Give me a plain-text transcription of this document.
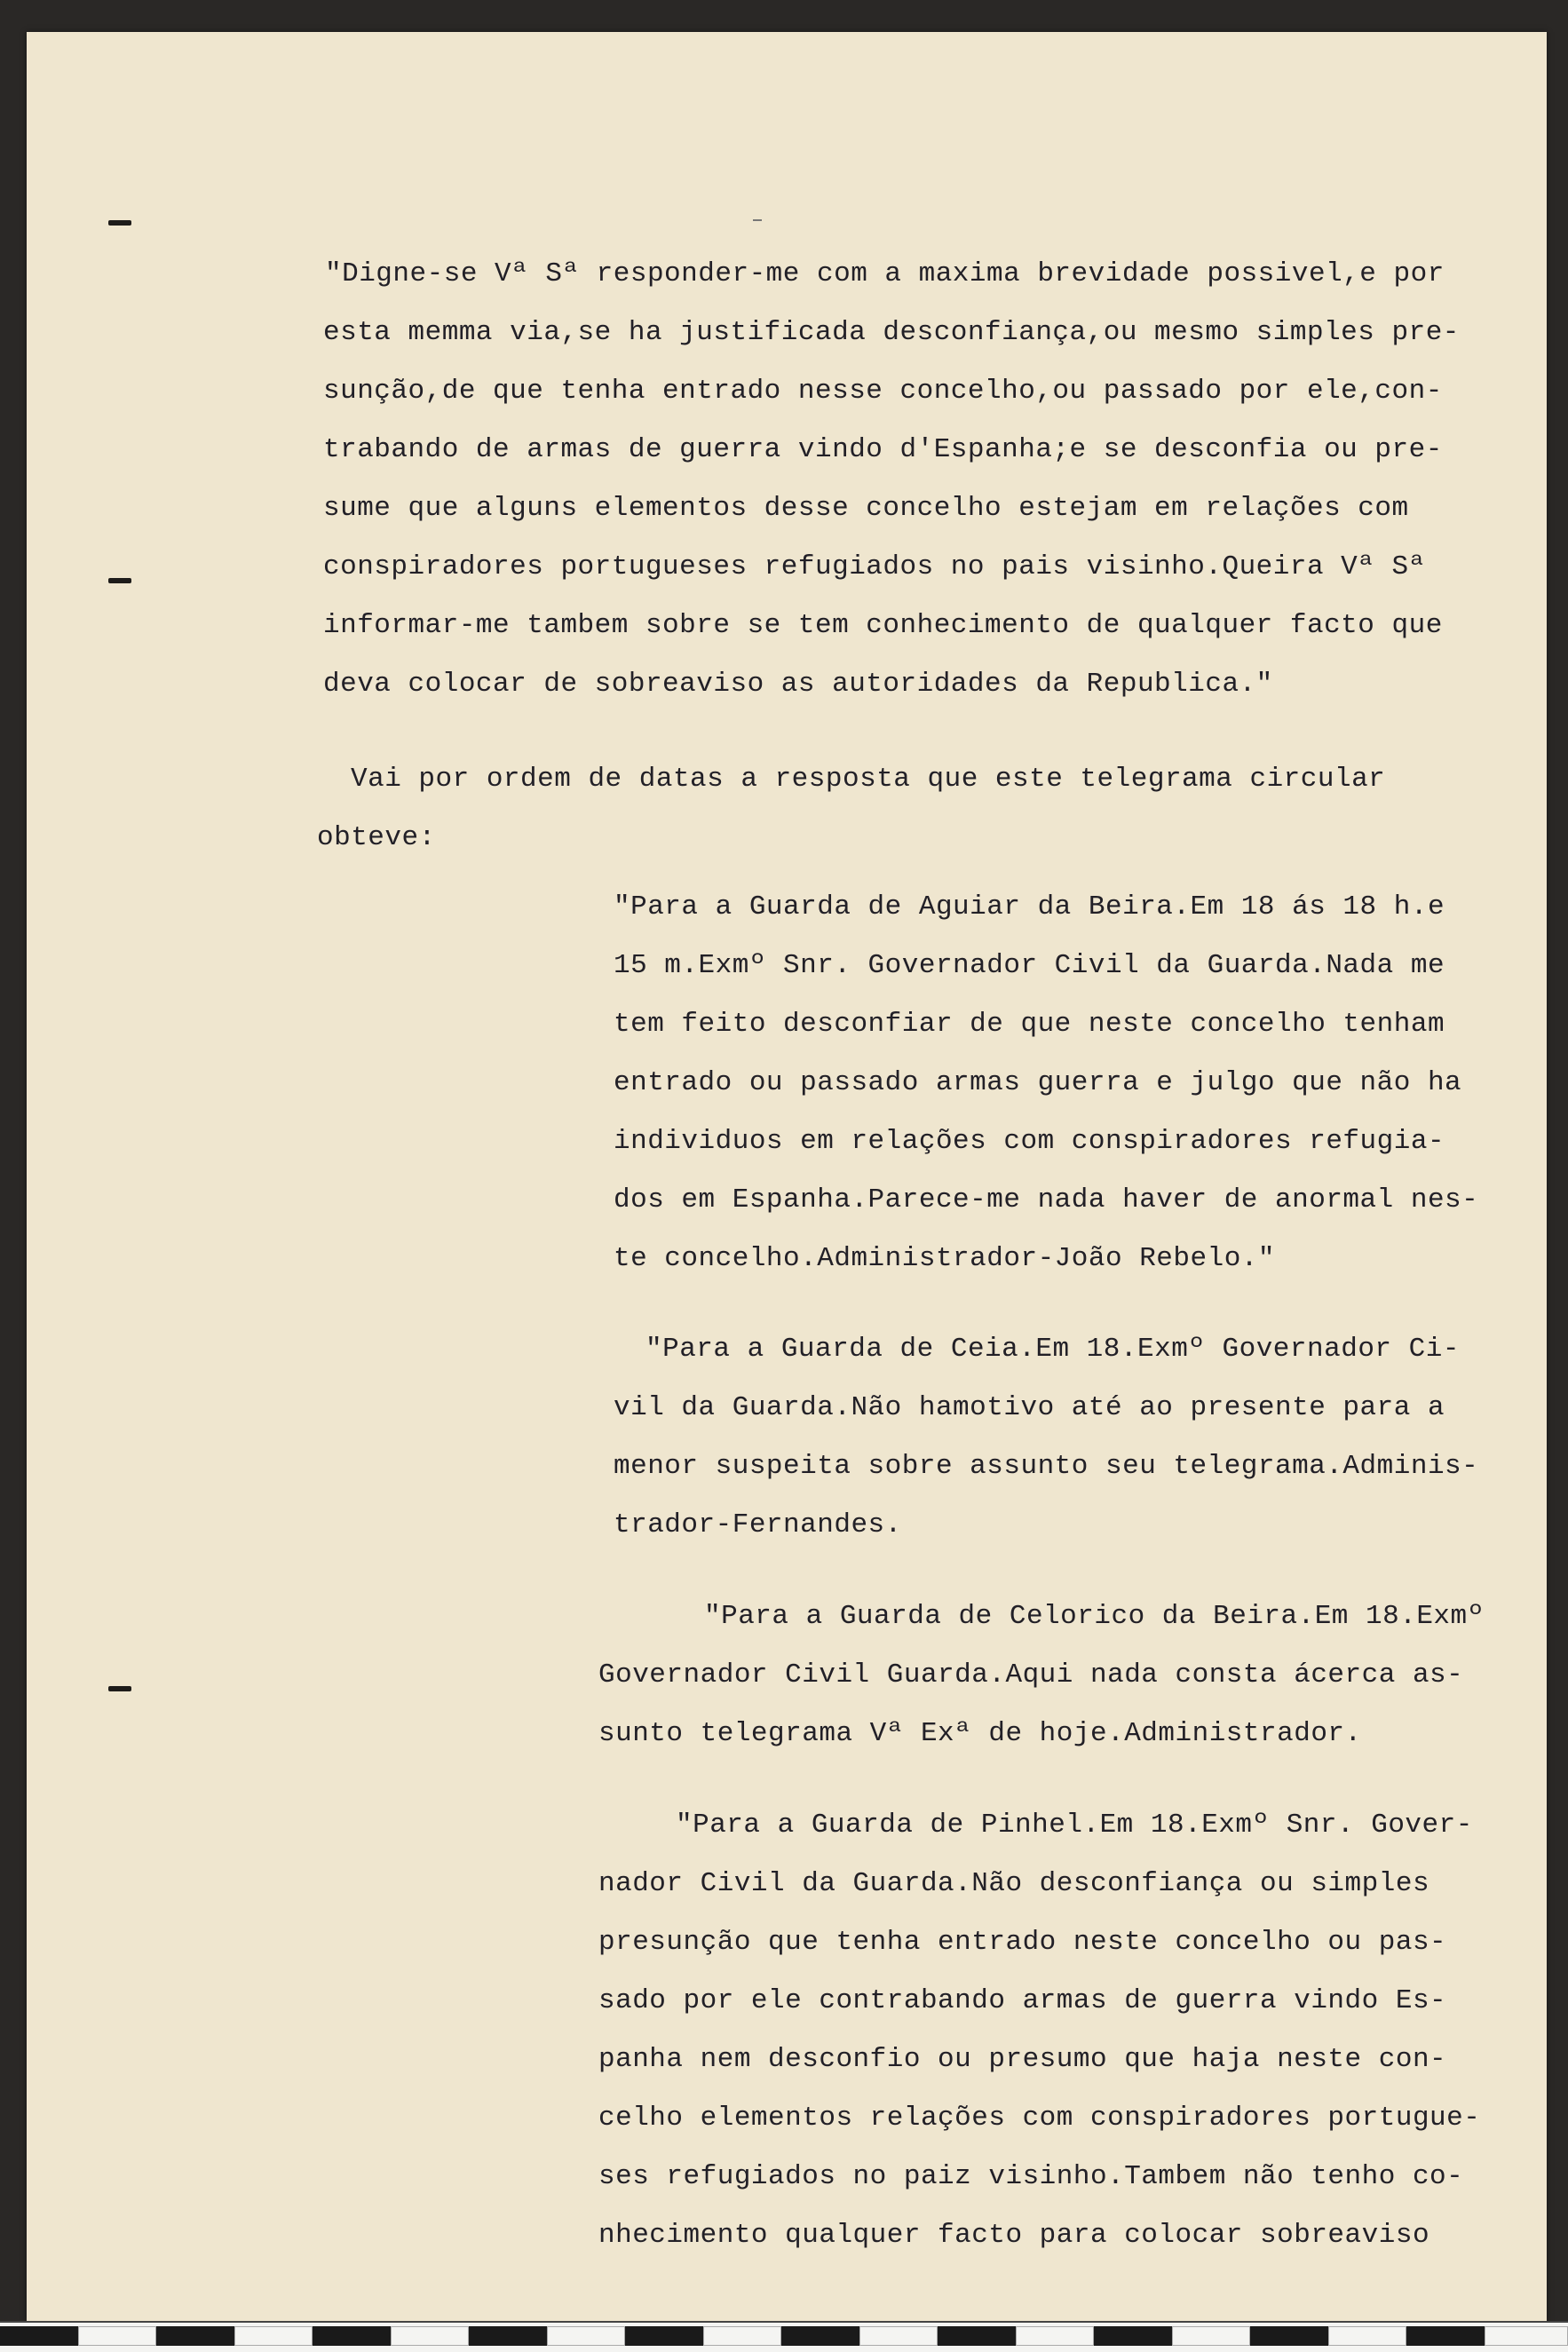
"Digne-se Vª Sª responder-me com a maxima brevidade possivel,e por
esta memma via,se ha justificada desconfiança,ou mesmo simples pre-
sunção,de que tenha entrado nesse concelho,ou passado por ele,con-
trabando de armas de guerra vindo d'Espanha;e se desconfia ou pre-
sume que alguns elementos desse concelho estejam em relações com
conspiradores portugueses refugiados no pais visinho.Queira Vª Sª
informar-me tambem sobre se tem conhecimento de qualquer facto que
deva colocar de sobreaviso as autoridades da Republica."
Vai por ordem de datas a resposta que este telegrama circular
obteve:
"Para a Guarda de Aguiar da Beira.Em 18 ás 18 h.e
15 m.Exmº Snr. Governador Civil da Guarda.Nada me
tem feito desconfiar de que neste concelho tenham
entrado ou passado armas guerra e julgo que não ha
individuos em relações com conspiradores refugia-
dos em Espanha.Parece-me nada haver de anormal nes-
te concelho.Administrador-João Rebelo."
"Para a Guarda de Ceia.Em 18.Exmº Governador Ci-
vil da Guarda.Não hamotivo até ao presente para a
menor suspeita sobre assunto seu telegrama.Adminis-
trador-Fernandes.
"Para a Guarda de Celorico da Beira.Em 18.Exmº
Governador Civil Guarda.Aqui nada consta ácerca as-
sunto telegrama Vª Exª de hoje.Administrador.
"Para a Guarda de Pinhel.Em 18.Exmº Snr. Gover-
nador Civil da Guarda.Não desconfiança ou simples
presunção que tenha entrado neste concelho ou pas-
sado por ele contrabando armas de guerra vindo Es-
panha nem desconfio ou presumo que haja neste con-
celho elementos relações com conspiradores portugue-
ses refugiados no paiz visinho.Tambem não tenho co-
nhecimento qualquer facto para colocar sobreaviso
